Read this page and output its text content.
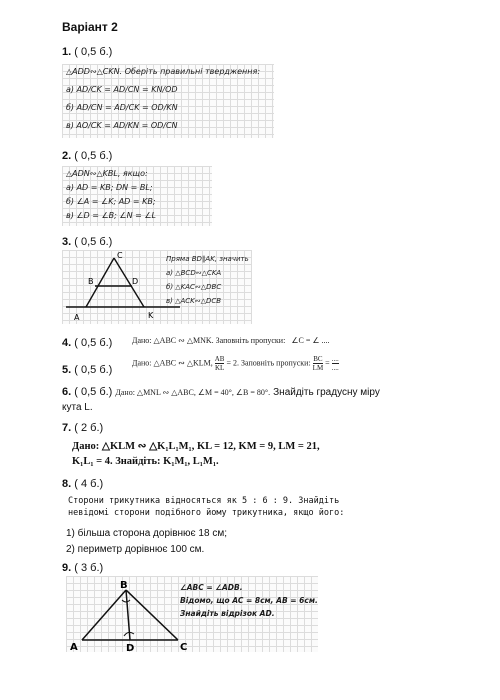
Варіант 2
1. ( 0,5 б.)
△ADD∾△CKN. Оберіть правильні твердження:
а) AD/CK = AD/CN = KN/OD
б) AD/CN = AD/CK = OD/KN
в) AO/CK = AD/KN = OD/CN
2. ( 0,5 б.)
△ADN∾△KBL, якщо:
а) AD = KB; DN = BL;
б) ∠A = ∠K; AD = KB;
в) ∠D = ∠B; ∠N = ∠L
3. ( 0,5 б.)
C
B	D
A	K
Пряма BD∥AK, значить
а) △BCD∾△CKA
б) △KAC∾△DBC
в) △ACK∾△DCB
4. ( 0,5 б.) Дано: △ABC ∾ △MNK. Заповніть пропуски: ∠C = ∠ ....
5. ( 0,5 б.)
Дано: △ABC ∾ △KLM, $\frac{AB}{KL} = 2$. Заповніть пропуски: $\frac{BC}{LM} = \frac{....}{....}$
6. ( 0,5 б.) Дано: △MNL ∾ △ABC, ∠M = 40°, ∠B = 80°. Знайдіть градусну міру
кута L.
7. ( 2 б.)
Дано: △KLM ∾ △K₁L₁M₁, KL = 12, KM = 9, LM = 21,
K₁L₁ = 4. Знайдіть: K₁M₁, L₁M₁.
8. ( 4 б.)
Сторони трикутника відносяться як 5 : 6 : 9. Знайдіть
невідомі сторони подібного йому трикутника, якщо його:
1) більша сторона дорівнює 18 см;
2) периметр дорівнює 100 см.
9. ( 3 б.)
B
A	D	C
∠ABC = ∠ADB.
Відомо, що AC = 8см, AB = 6см.
Знайдіть відрізок AD.
